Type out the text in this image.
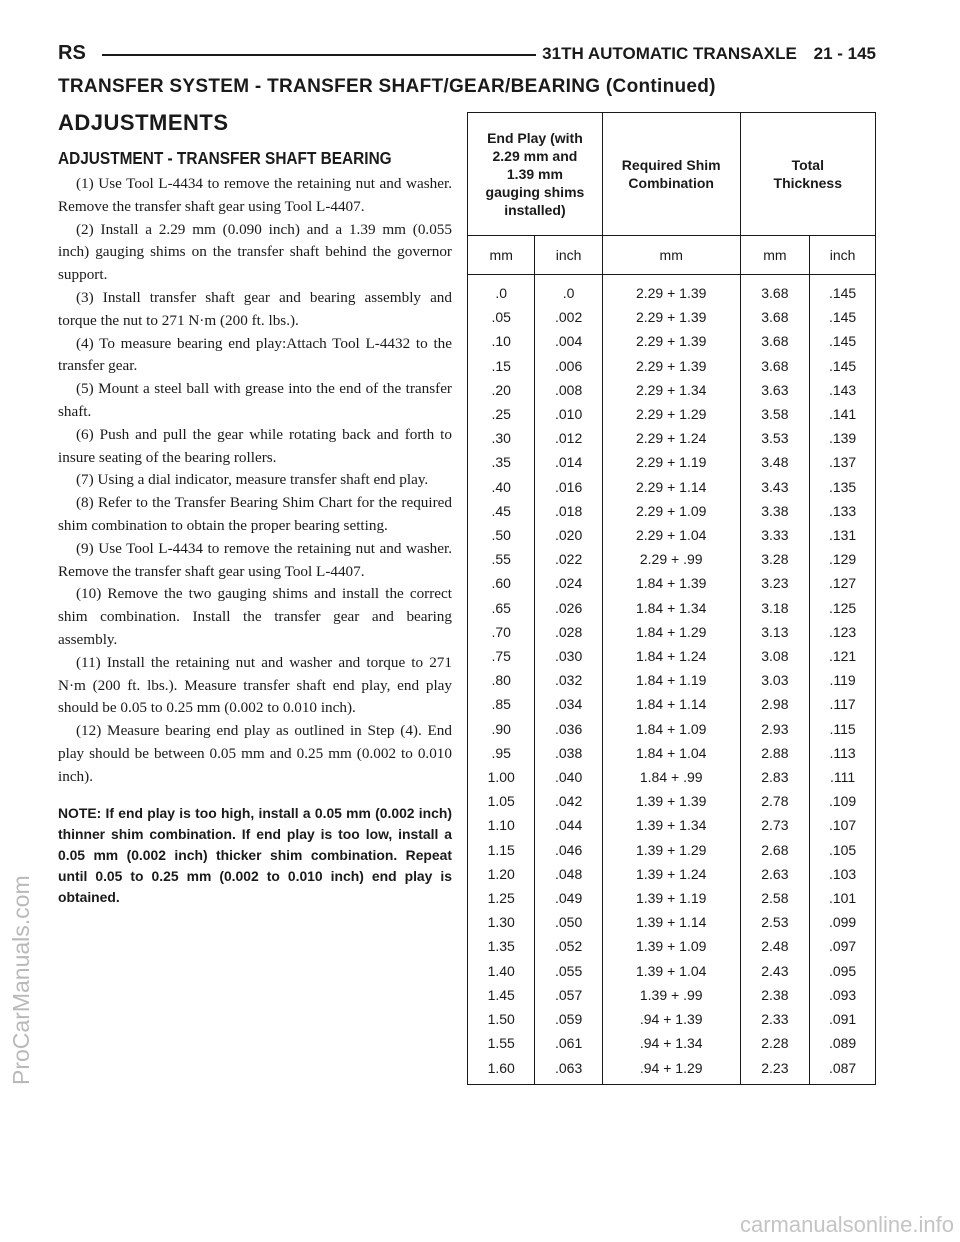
RS	31TH AUTOMATIC TRANSAXLE 21 - 145
TRANSFER SYSTEM - TRANSFER SHAFT/GEAR/BEARING (Continued)
ADJUSTMENTS
ADJUSTMENT - TRANSFER SHAFT BEARING

(1) Use Tool L-4434 to remove the retaining nut and washer. Remove the transfer shaft gear using Tool L-4407.

(2) Install a 2.29 mm (0.090 inch) and a 1.39 mm (0.055 inch) gauging shims on the transfer shaft behind the governor support.

(3) Install transfer shaft gear and bearing assembly and torque the nut to 271 N·m (200 ft. lbs.).

(4) To measure bearing end play:Attach Tool L-4432 to the transfer gear.

(5) Mount a steel ball with grease into the end of the transfer shaft.

(6) Push and pull the gear while rotating back and forth to insure seating of the bearing rollers.

(7) Using a dial indicator, measure transfer shaft end play.

(8) Refer to the Transfer Bearing Shim Chart for the required shim combination to obtain the proper bearing setting.

(9) Use Tool L-4434 to remove the retaining nut and washer. Remove the transfer shaft gear using Tool L-4407.

(10) Remove the two gauging shims and install the correct shim combination. Install the transfer gear and bearing assembly.

(11) Install the retaining nut and washer and torque to 271 N·m (200 ft. lbs.). Measure transfer shaft end play, end play should be 0.05 to 0.25 mm (0.002 to 0.010 inch).

(12) Measure bearing end play as outlined in Step (4). End play should be between 0.05 mm and 0.25 mm (0.002 to 0.010 inch).

NOTE: If end play is too high, install a 0.05 mm (0.002 inch) thinner shim combination. If end play is too low, install a 0.05 mm (0.002 inch) thicker shim combination. Repeat until 0.05 to 0.25 mm (0.002 to 0.010 inch) end play is obtained.
End Play (with 2.29 mm and 1.39 mm gauging shims installed)		Required Shim Combination	Total Thickness	

mm	inch	mm	mm	inch
.0	.0	2.29 + 1.39	3.68	.145
.05	.002	2.29 + 1.39	3.68	.145
.10	.004	2.29 + 1.39	3.68	.145
.15	.006	2.29 + 1.39	3.68	.145
.20	.008	2.29 + 1.34	3.63	.143
.25	.010	2.29 + 1.29	3.58	.141
.30	.012	2.29 + 1.24	3.53	.139
.35	.014	2.29 + 1.19	3.48	.137
.40	.016	2.29 + 1.14	3.43	.135
.45	.018	2.29 + 1.09	3.38	.133
.50	.020	2.29 + 1.04	3.33	.131
.55	.022	2.29 + .99	3.28	.129
.60	.024	1.84 + 1.39	3.23	.127
.65	.026	1.84 + 1.34	3.18	.125
.70	.028	1.84 + 1.29	3.13	.123
.75	.030	1.84 + 1.24	3.08	.121
.80	.032	1.84 + 1.19	3.03	.119
.85	.034	1.84 + 1.14	2.98	.117
.90	.036	1.84 + 1.09	2.93	.115
.95	.038	1.84 + 1.04	2.88	.113
1.00	.040	1.84 + .99	2.83	.111
1.05	.042	1.39 + 1.39	2.78	.109
1.10	.044	1.39 + 1.34	2.73	.107
1.15	.046	1.39 + 1.29	2.68	.105
1.20	.048	1.39 + 1.24	2.63	.103
1.25	.049	1.39 + 1.19	2.58	.101
1.30	.050	1.39 + 1.14	2.53	.099
1.35	.052	1.39 + 1.09	2.48	.097
1.40	.055	1.39 + 1.04	2.43	.095
1.45	.057	1.39 + .99	2.38	.093
1.50	.059	.94 + 1.39	2.33	.091
1.55	.061	.94 + 1.34	2.28	.089
1.60	.063	.94 + 1.29	2.23	.087
ProCarManuals.com
carmanualsonline.info
